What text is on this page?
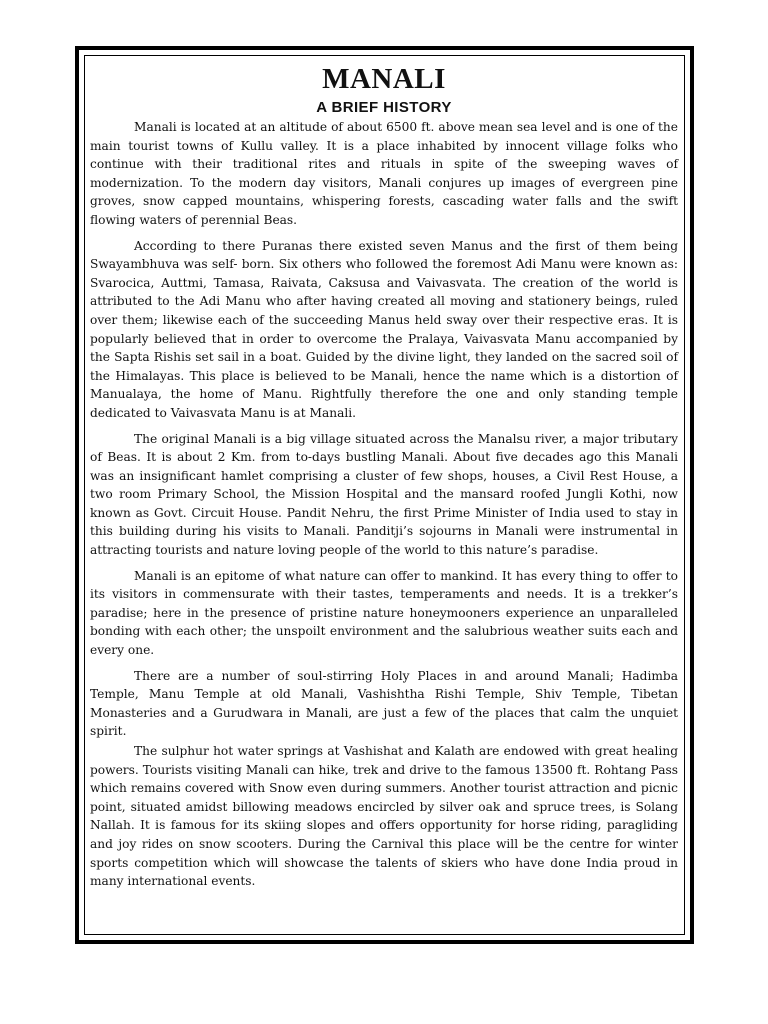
MANALI
A BRIEF HISTORY

Manali is located at an altitude of about 6500 ft. above mean sea level and is one of the main tourist towns of Kullu valley. It is a place inhabited by innocent village folks who continue with their traditional rites and rituals in spite of the sweeping waves of modernization. To the modern day visitors, Manali conjures up images of evergreen pine groves, snow capped mountains, whispering forests, cascading water falls and the swift flowing waters of perennial Beas.

According to there Puranas there existed seven Manus and the first of them being Swayambhuva was self- born. Six others who followed the foremost Adi Manu were known as: Svarocica, Auttmi, Tamasa, Raivata, Caksusa and Vaivasvata. The creation of the world is attributed to the Adi Manu who after having created all moving and stationery beings, ruled over them; likewise each of the succeeding Manus held sway over their respective eras. It is popularly believed that in order to overcome the Pralaya, Vaivasvata Manu accompanied by the Sapta Rishis set sail in a boat. Guided by the divine light, they landed on the sacred soil of the Himalayas. This place is believed to be Manali, hence the name which is a distortion of Manualaya, the home of Manu. Rightfully therefore the one and only standing temple dedicated to Vaivasvata Manu is at Manali.

The original Manali is a big village situated across the Manalsu river, a major tributary of Beas. It is about 2 Km. from to-days bustling Manali. About five decades ago this Manali was an insignificant hamlet comprising a cluster of few shops, houses, a Civil Rest House, a two room Primary School, the Mission Hospital and the mansard roofed Jungli Kothi, now known as Govt. Circuit House. Pandit Nehru, the first Prime Minister of India used to stay in this building during his visits to Manali. Panditji’s sojourns in Manali were instrumental in attracting tourists and nature loving people of the world to this nature’s paradise.

Manali is an epitome of what nature can offer to mankind. It has every thing to offer to its visitors in commensurate with their tastes, temperaments and needs. It is a trekker’s paradise; here in the presence of pristine nature honeymooners experience an unparalleled bonding with each other; the unspoilt environment and the salubrious weather suits each and every one.

There are a number of soul-stirring Holy Places in and around Manali; Hadimba Temple, Manu Temple at old Manali, Vashishtha Rishi Temple, Shiv Temple, Tibetan Monasteries and a Gurudwara in Manali, are just a few of the places that calm the unquiet spirit.

The sulphur hot water springs at Vashishat and Kalath are endowed with great healing powers. Tourists visiting Manali can hike, trek and drive to the famous 13500 ft. Rohtang Pass which remains covered with Snow even during summers. Another tourist attraction and picnic point, situated amidst billowing meadows encircled by silver oak and spruce trees, is Solang Nallah. It is famous for its skiing slopes and offers opportunity for horse riding, paragliding and joy rides on snow scooters. During the Carnival this place will be the centre for winter sports competition which will showcase the talents of skiers who have done India proud in many international events.
